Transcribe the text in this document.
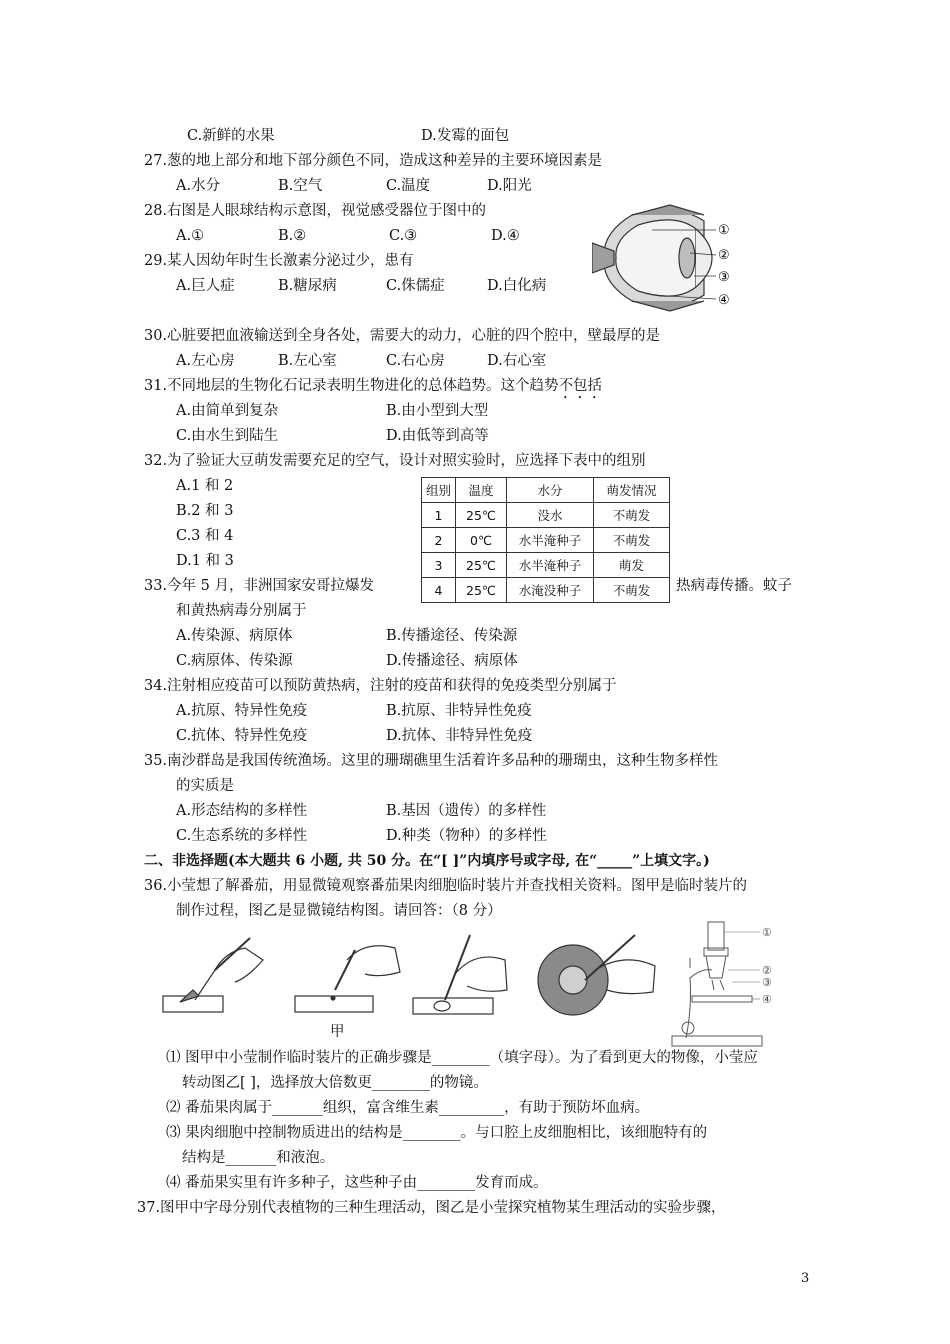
C.新鲜的水果	D.发霉的面包
27.葱的地上部分和地下部分颜色不同，造成这种差异的主要环境因素是
A.水分	B.空气	C.温度	D.阳光
28.右图是人眼球结构示意图，视觉感受器位于图中的
A.①	B.②	C.③	D.④	①
②
③
④
29.某人因幼年时生长激素分泌过少，患有
A.巨人症	B.糖尿病	C.侏儒症	D.白化病
30.心脏要把血液输送到全身各处，需要大的动力，心脏的四个腔中，壁最厚的是
A.左心房	B.左心室	C.右心房	D.右心室
31.不同地层的生物化石记录表明生物进化的总体趋势。这个趋势不包括
A.由简单到复杂	B.由小型到大型
C.由水生到陆生	D.由低等到高等
32.为了验证大豆萌发需要充足的空气，设计对照实验时，应选择下表中的组别
A.1 和 2
B.2 和 3
C.3 和 4
D.1 和 3
33.今年 5 月，非洲国家安哥拉爆发	热病毒传播。蚊子
和黄热病毒分别属于
A.传染源、病原体	B.传播途径、传染源
C.病原体、传染源	D.传播途径、病原体
组别	温度	水分	萌发情况
1	25℃	没水	不萌发
2	0℃	水半淹种子	不萌发
3	25℃	水半淹种子	萌发
4	25℃	水淹没种子	不萌发
34.注射相应疫苗可以预防黄热病，注射的疫苗和获得的免疫类型分别属于
A.抗原、特异性免疫	B.抗原、非特异性免疫
C.抗体、特异性免疫	D.抗体、非特异性免疫
35.南沙群岛是我国传统渔场。这里的珊瑚礁里生活着许多品种的珊瑚虫，这种生物多样性
的实质是
A.形态结构的多样性	B.基因（遗传）的多样性
C.生态系统的多样性	D.种类（物种）的多样性
二、非选择题(本大题共 6 小题, 共 50 分。在“[ ]”内填序号或字母, 在“_____”上填文字。)
36.小莹想了解番茄，用显微镜观察番茄果肉细胞临时装片并查找相关资料。图甲是临时装片的
制作过程，图乙是显微镜结构图。请回答：（8 分）
甲
①
②
③
④
⑴ 图甲中小莹制作临时装片的正确步骤是________（填字母）。为了看到更大的物像，小莹应
转动图乙[ ]，选择放大倍数更________的物镜。
⑵ 番茄果肉属于_______组织，富含维生素_________，有助于预防坏血病。
⑶ 果肉细胞中控制物质进出的结构是________。与口腔上皮细胞相比，该细胞特有的
结构是_______和液泡。
⑷ 番茄果实里有许多种子，这些种子由________发育而成。
37.图甲中字母分别代表植物的三种生理活动，图乙是小莹探究植物某生理活动的实验步骤，
3
